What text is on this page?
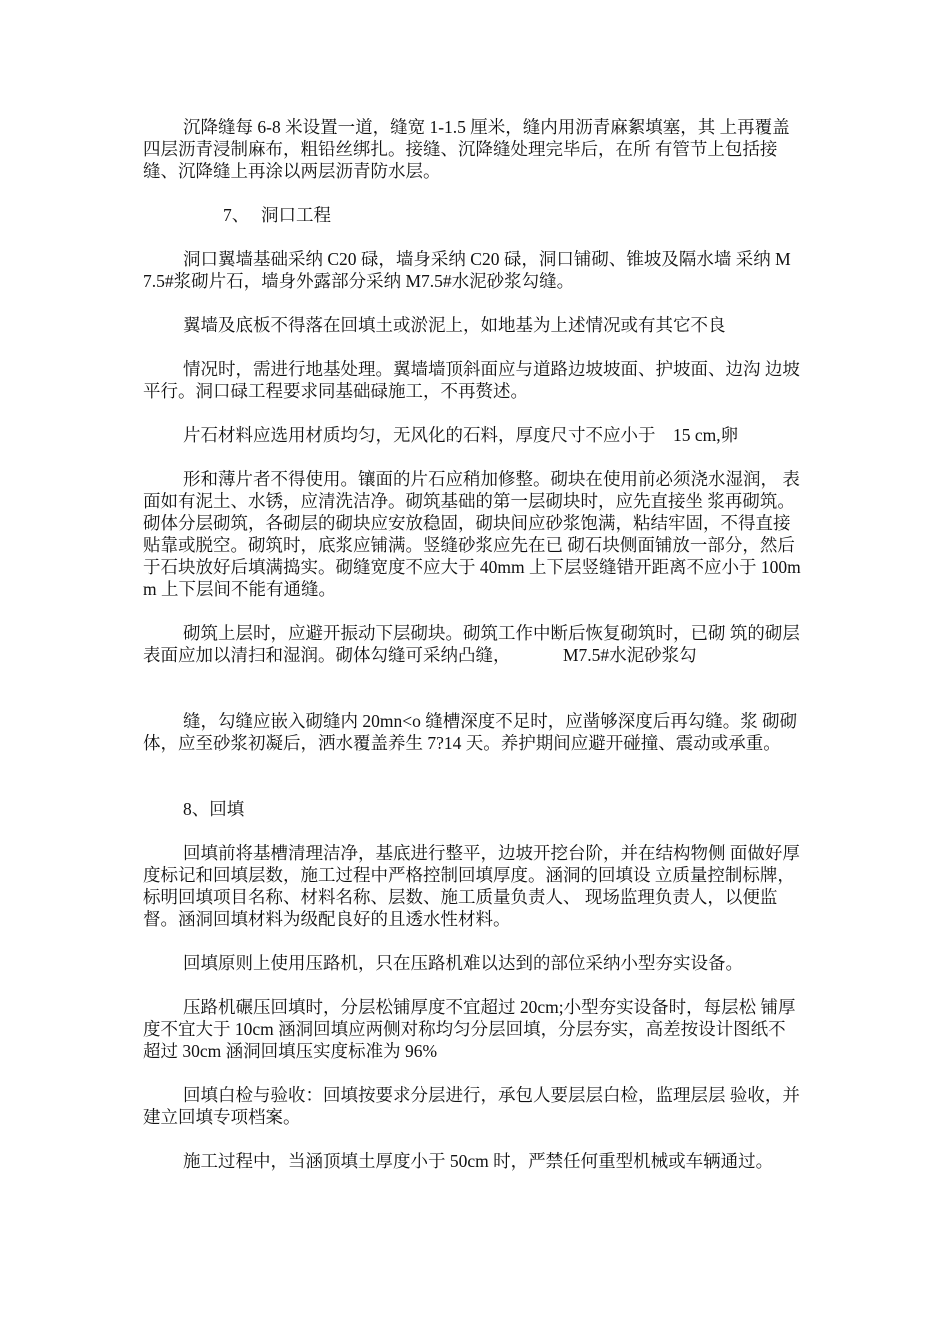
沉降缝每 6-8 米设置一道，缝宽 1-1.5 厘米，缝内用沥青麻絮填塞，其 上再覆盖四层沥青浸制麻布，粗铅丝绑扎。接缝、沉降缝处理完毕后，在所 有管节上包括接缝、沉降缝上再涂以两层沥青防水层。

7、 洞口工程

洞口翼墙基础采纳 C20 碌，墙身采纳 C20 碌，洞口铺砌、锥坡及隔水墙 采纳 M7.5#浆砌片石，墙身外露部分采纳 M7.5#水泥砂浆勾缝。

翼墙及底板不得落在回填土或淤泥上，如地基为上述情况或有其它不良

情况时，需进行地基处理。翼墙墙顶斜面应与道路边坡坡面、护坡面、边沟 边坡平行。洞口碌工程要求同基础碌施工，不再赘述。

片石材料应选用材质均匀，无风化的石料，厚度尺寸不应小于    15 cm,卵

形和薄片者不得使用。镶面的片石应稍加修整。砌块在使用前必须浇水湿润， 表面如有泥土、水锈，应清洗洁净。砌筑基础的第一层砌块时，应先直接坐 浆再砌筑。砌体分层砌筑，各砌层的砌块应安放稳固，砌块间应砂浆饱满，粘结牢固，不得直接贴靠或脱空。砌筑时，底浆应铺满。竖缝砂浆应先在已 砌石块侧面铺放一部分，然后于石块放好后填满捣实。砌缝宽度不应大于 40mm 上下层竖缝错开距离不应小于 100mm 上下层间不能有通缝。

砌筑上层时，应避开振动下层砌块。砌筑工作中断后恢复砌筑时，已砌 筑的砌层表面应加以清扫和湿润。砌体勾缝可采纳凸缝，            M7.5#水泥砂浆勾

缝，勾缝应嵌入砌缝内 20mn<o 缝槽深度不足时，应凿够深度后再勾缝。浆 砌砌体，应至砂浆初凝后，洒水覆盖养生 7?14 天。养护期间应避开碰撞、震动或承重。

8、回填

回填前将基槽清理洁净，基底进行整平，边坡开挖台阶，并在结构物侧 面做好厚度标记和回填层数，施工过程中严格控制回填厚度。涵洞的回填设 立质量控制标牌，标明回填项目名称、材料名称、层数、施工质量负责人、 现场监理负责人，以便监督。涵洞回填材料为级配良好的且透水性材料。

回填原则上使用压路机，只在压路机难以达到的部位采纳小型夯实设备。

压路机碾压回填时，分层松铺厚度不宜超过 20cm;小型夯实设备时，每层松 铺厚度不宜大于 10cm 涵洞回填应两侧对称均匀分层回填，分层夯实，高差按设计图纸不超过 30cm 涵洞回填压实度标准为 96%

回填白检与验收：回填按要求分层进行，承包人要层层白检，监理层层 验收，并建立回填专项档案。

施工过程中，当涵顶填土厚度小于 50cm 时，严禁任何重型机械或车辆通过。
